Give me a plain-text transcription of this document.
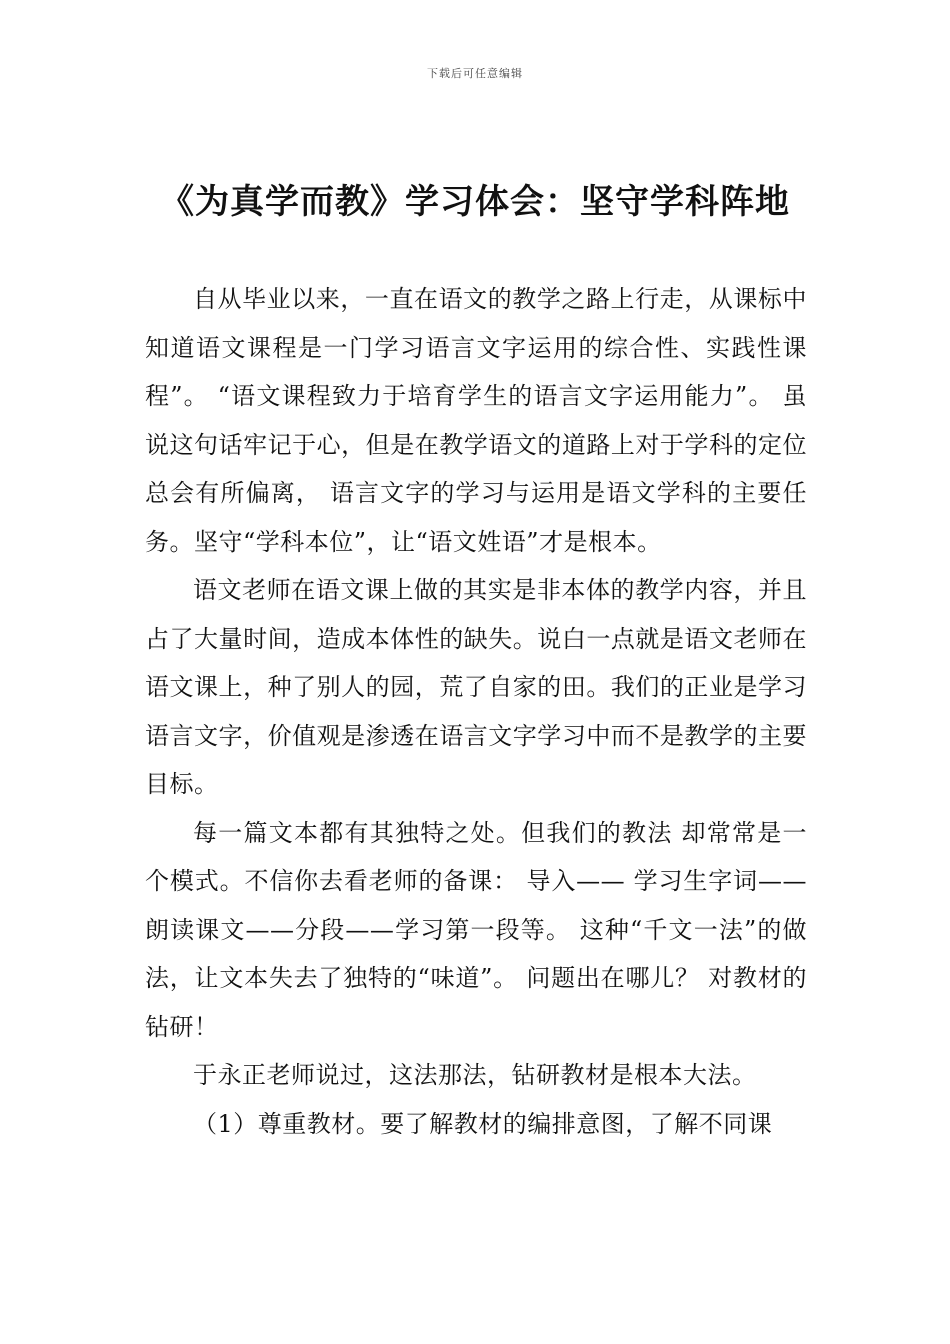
下载后可任意编辑
《为真学而教》学习体会：坚守学科阵地

自从毕业以来，一直在语文的教学之路上行走，从课标中知道语文课程是一门学习语言文字运用的综合性、实践性课程”。 “语文课程致力于培育学生的语言文字运用能力”。 虽说这句话牢记于心，但是在教学语文的道路上对于学科的定位总会有所偏离， 语言文字的学习与运用是语文学科的主要任务。坚守“学科本位”，让“语文姓语”才是根本。

语文老师在语文课上做的其实是非本体的教学内容，并且占了大量时间，造成本体性的缺失。说白一点就是语文老师在语文课上，种了别人的园，荒了自家的田。我们的正业是学习语言文字，价值观是渗透在语言文字学习中而不是教学的主要目标。

每一篇文本都有其独特之处。但我们的教法 却常常是一个模式。不信你去看老师的备课： 导入—— 学习生字词—— 朗读课文——分段——学习第一段等。 这种“千文一法”的做法，让文本失去了独特的“味道”。 问题出在哪儿？ 对教材的钻研！

于永正老师说过，这法那法，钻研教材是根本大法。

（1）尊重教材。要了解教材的编排意图，了解不同课
